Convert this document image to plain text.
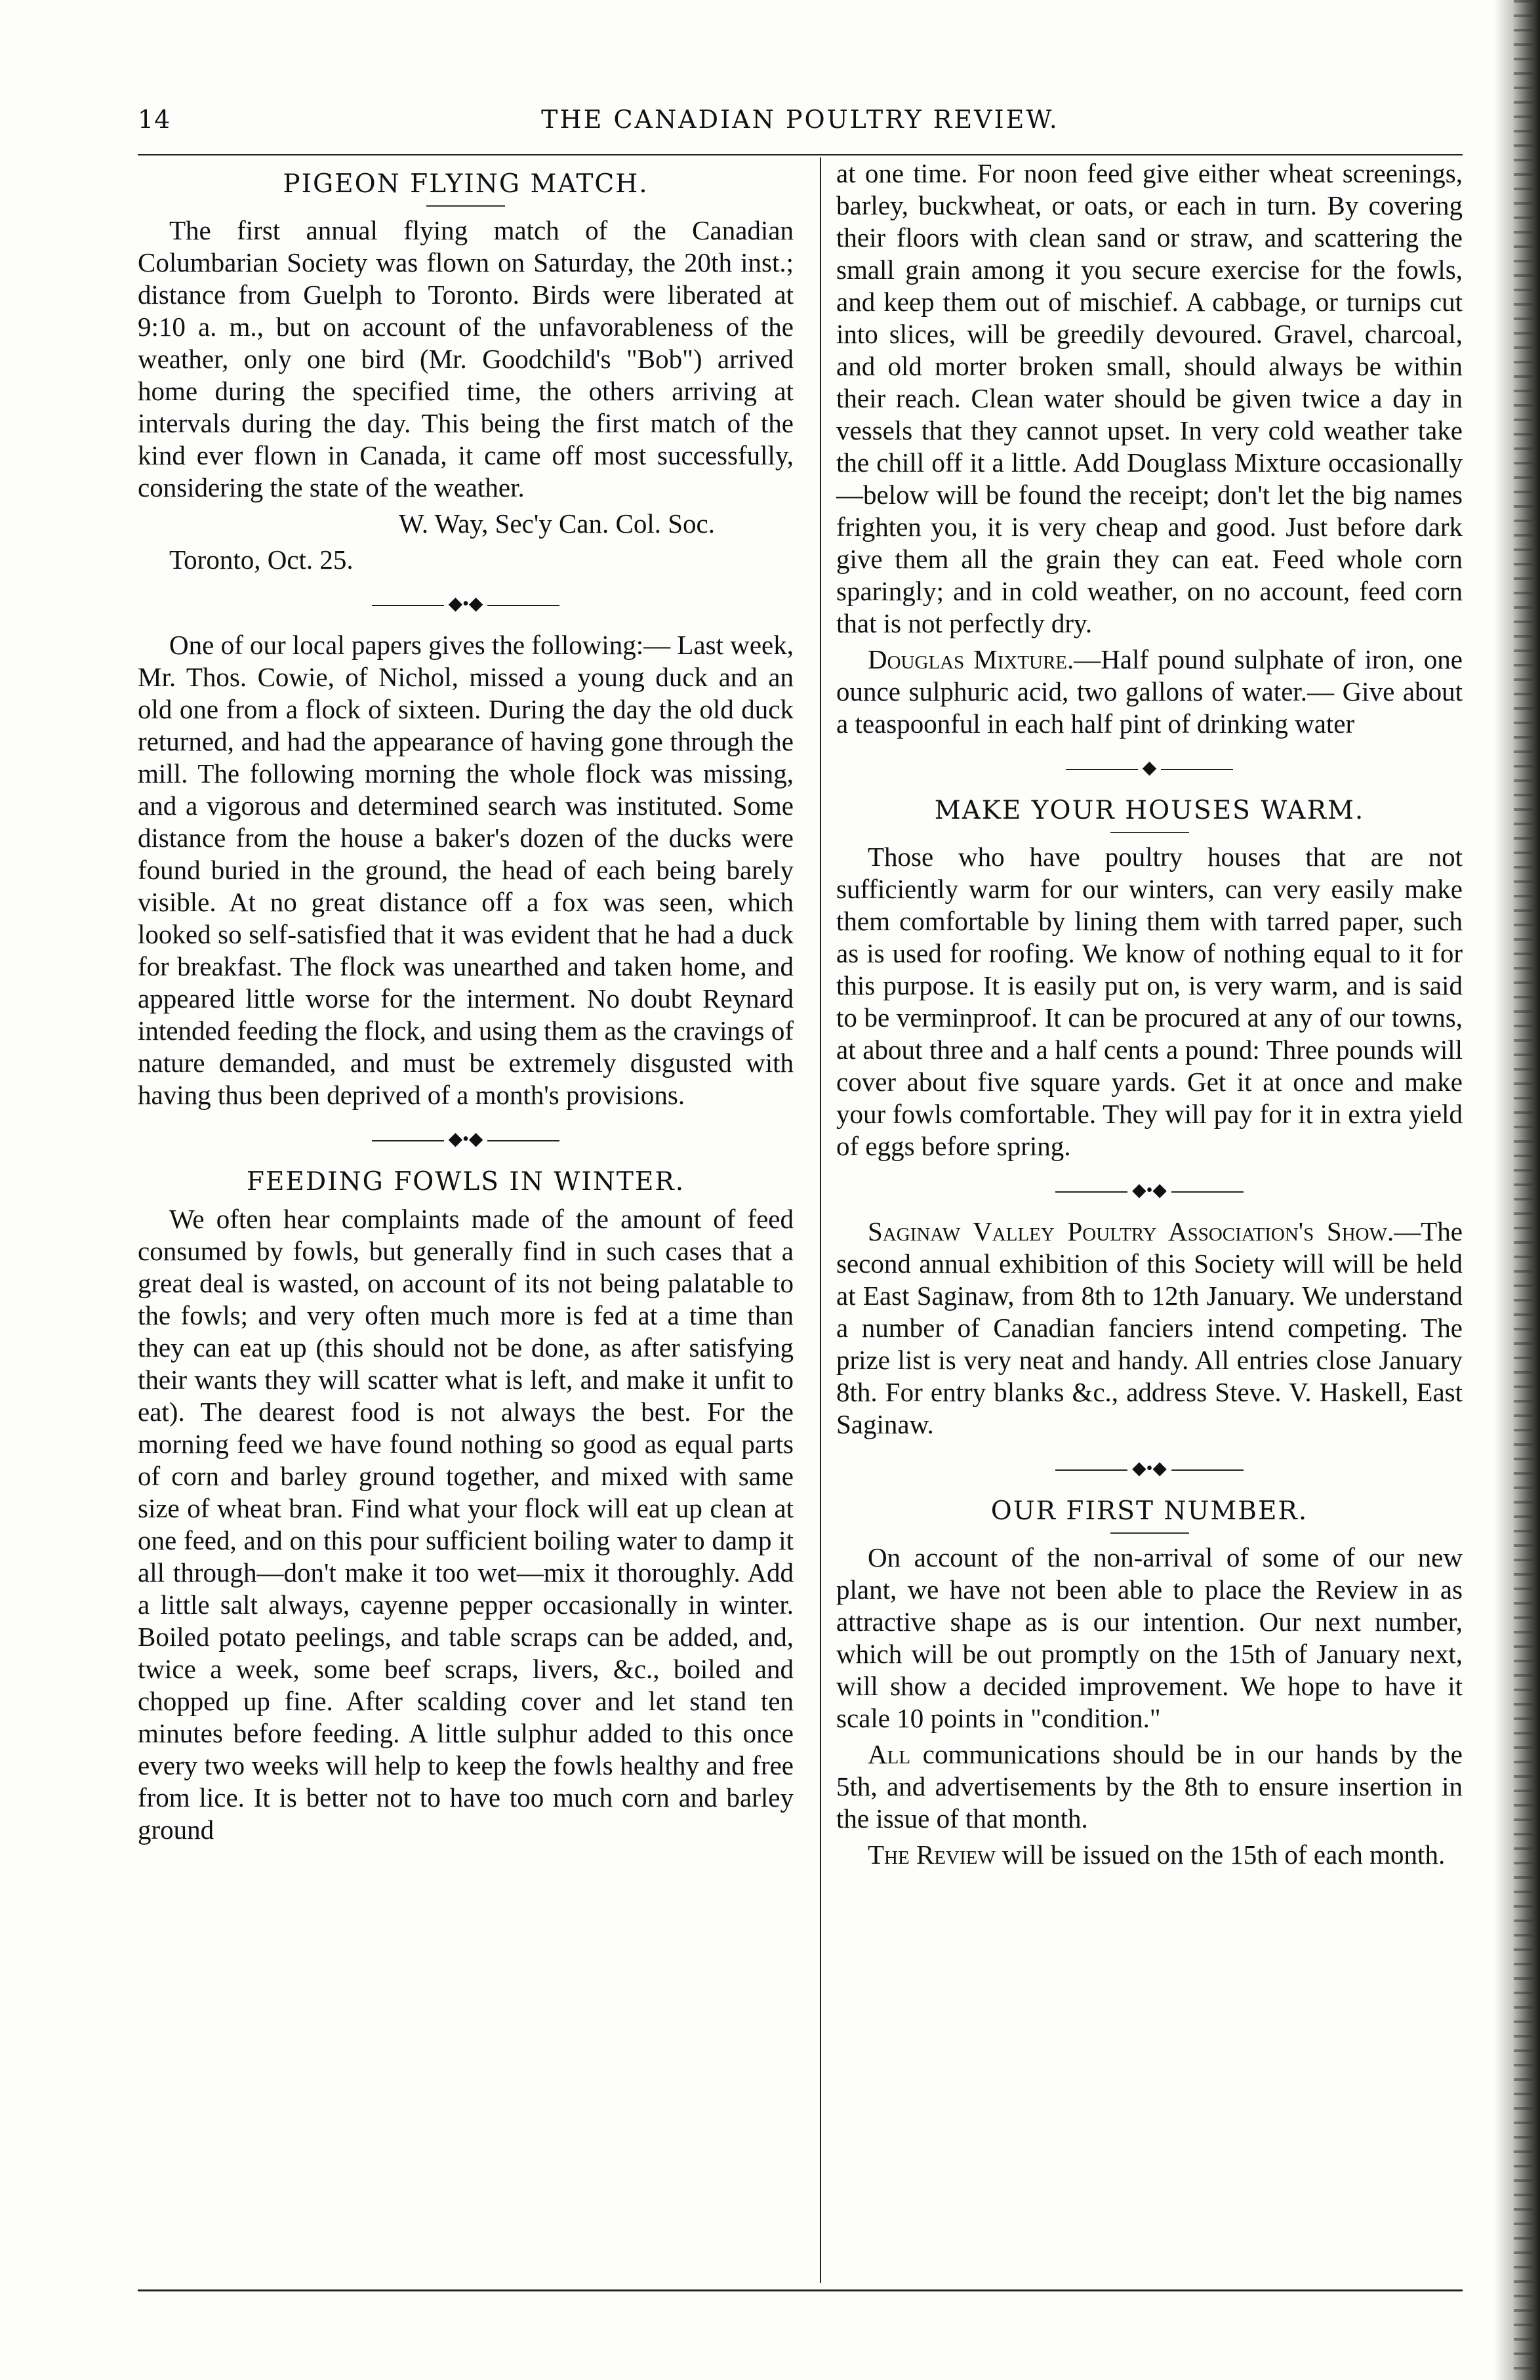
14	THE CANADIAN POULTRY REVIEW.
PIGEON FLYING MATCH.

The first annual flying match of the Canadian Columbarian Society was flown on Saturday, the 20th inst.; distance from Guelph to Toronto. Birds were liberated at 9:10 a. m., but on account of the unfavorableness of the weather, only one bird (Mr. Goodchild's "Bob") arrived home during the specified time, the others arriving at intervals during the day. This being the first match of the kind ever flown in Canada, it came off most successfully, considering the state of the weather.

W. Way, Sec'y Can. Col. Soc.

Toronto, Oct. 25.

◆•◆

One of our local papers gives the following:— Last week, Mr. Thos. Cowie, of Nichol, missed a young duck and an old one from a flock of sixteen. During the day the old duck returned, and had the appearance of having gone through the mill. The following morning the whole flock was missing, and a vigorous and determined search was instituted. Some distance from the house a baker's dozen of the ducks were found buried in the ground, the head of each being barely visible. At no great distance off a fox was seen, which looked so self-satisfied that it was evident that he had a duck for breakfast. The flock was unearthed and taken home, and appeared little worse for the interment. No doubt Reynard intended feeding the flock, and using them as the cravings of nature demanded, and must be extremely disgusted with having thus been deprived of a month's provisions.

◆•◆
FEEDING FOWLS IN WINTER.

We often hear complaints made of the amount of feed consumed by fowls, but generally find in such cases that a great deal is wasted, on account of its not being palatable to the fowls; and very often much more is fed at a time than they can eat up (this should not be done, as after satisfying their wants they will scatter what is left, and make it unfit to eat). The dearest food is not always the best. For the morning feed we have found nothing so good as equal parts of corn and barley ground together, and mixed with same size of wheat bran. Find what your flock will eat up clean at one feed, and on this pour sufficient boiling water to damp it all through—don't make it too wet—mix it thoroughly. Add a little salt always, cayenne pepper occasionally in winter. Boiled potato peelings, and table scraps can be added, and, twice a week, some beef scraps, livers, &c., boiled and chopped up fine. After scalding cover and let stand ten minutes before feeding. A little sulphur added to this once every two weeks will help to keep the fowls healthy and free from lice. It is better not to have too much corn and barley ground

at one time. For noon feed give either wheat screenings, barley, buckwheat, or oats, or each in turn. By covering their floors with clean sand or straw, and scattering the small grain among it you secure exercise for the fowls, and keep them out of mischief. A cabbage, or turnips cut into slices, will be greedily devoured. Gravel, charcoal, and old morter broken small, should always be within their reach. Clean water should be given twice a day in vessels that they cannot upset. In very cold weather take the chill off it a little. Add Douglass Mixture occasionally—below will be found the receipt; don't let the big names frighten you, it is very cheap and good. Just before dark give them all the grain they can eat. Feed whole corn sparingly; and in cold weather, on no account, feed corn that is not perfectly dry.

Douglas Mixture.—Half pound sulphate of iron, one ounce sulphuric acid, two gallons of water.— Give about a teaspoonful in each half pint of drinking water

◆
MAKE YOUR HOUSES WARM.

Those who have poultry houses that are not sufficiently warm for our winters, can very easily make them comfortable by lining them with tarred paper, such as is used for roofing. We know of nothing equal to it for this purpose. It is easily put on, is very warm, and is said to be verminproof. It can be procured at any of our towns, at about three and a half cents a pound: Three pounds will cover about five square yards. Get it at once and make your fowls comfortable. They will pay for it in extra yield of eggs before spring.

◆•◆

Saginaw Valley Poultry Association's Show.—The second annual exhibition of this Society will will be held at East Saginaw, from 8th to 12th January. We understand a number of Canadian fanciers intend competing. The prize list is very neat and handy. All entries close January 8th. For entry blanks &c., address Steve. V. Haskell, East Saginaw.

◆•◆
OUR FIRST NUMBER.

On account of the non-arrival of some of our new plant, we have not been able to place the Review in as attractive shape as is our intention. Our next number, which will be out promptly on the 15th of January next, will show a decided improvement. We hope to have it scale 10 points in "condition."

All communications should be in our hands by the 5th, and advertisements by the 8th to ensure insertion in the issue of that month.

The Review will be issued on the 15th of each month.
